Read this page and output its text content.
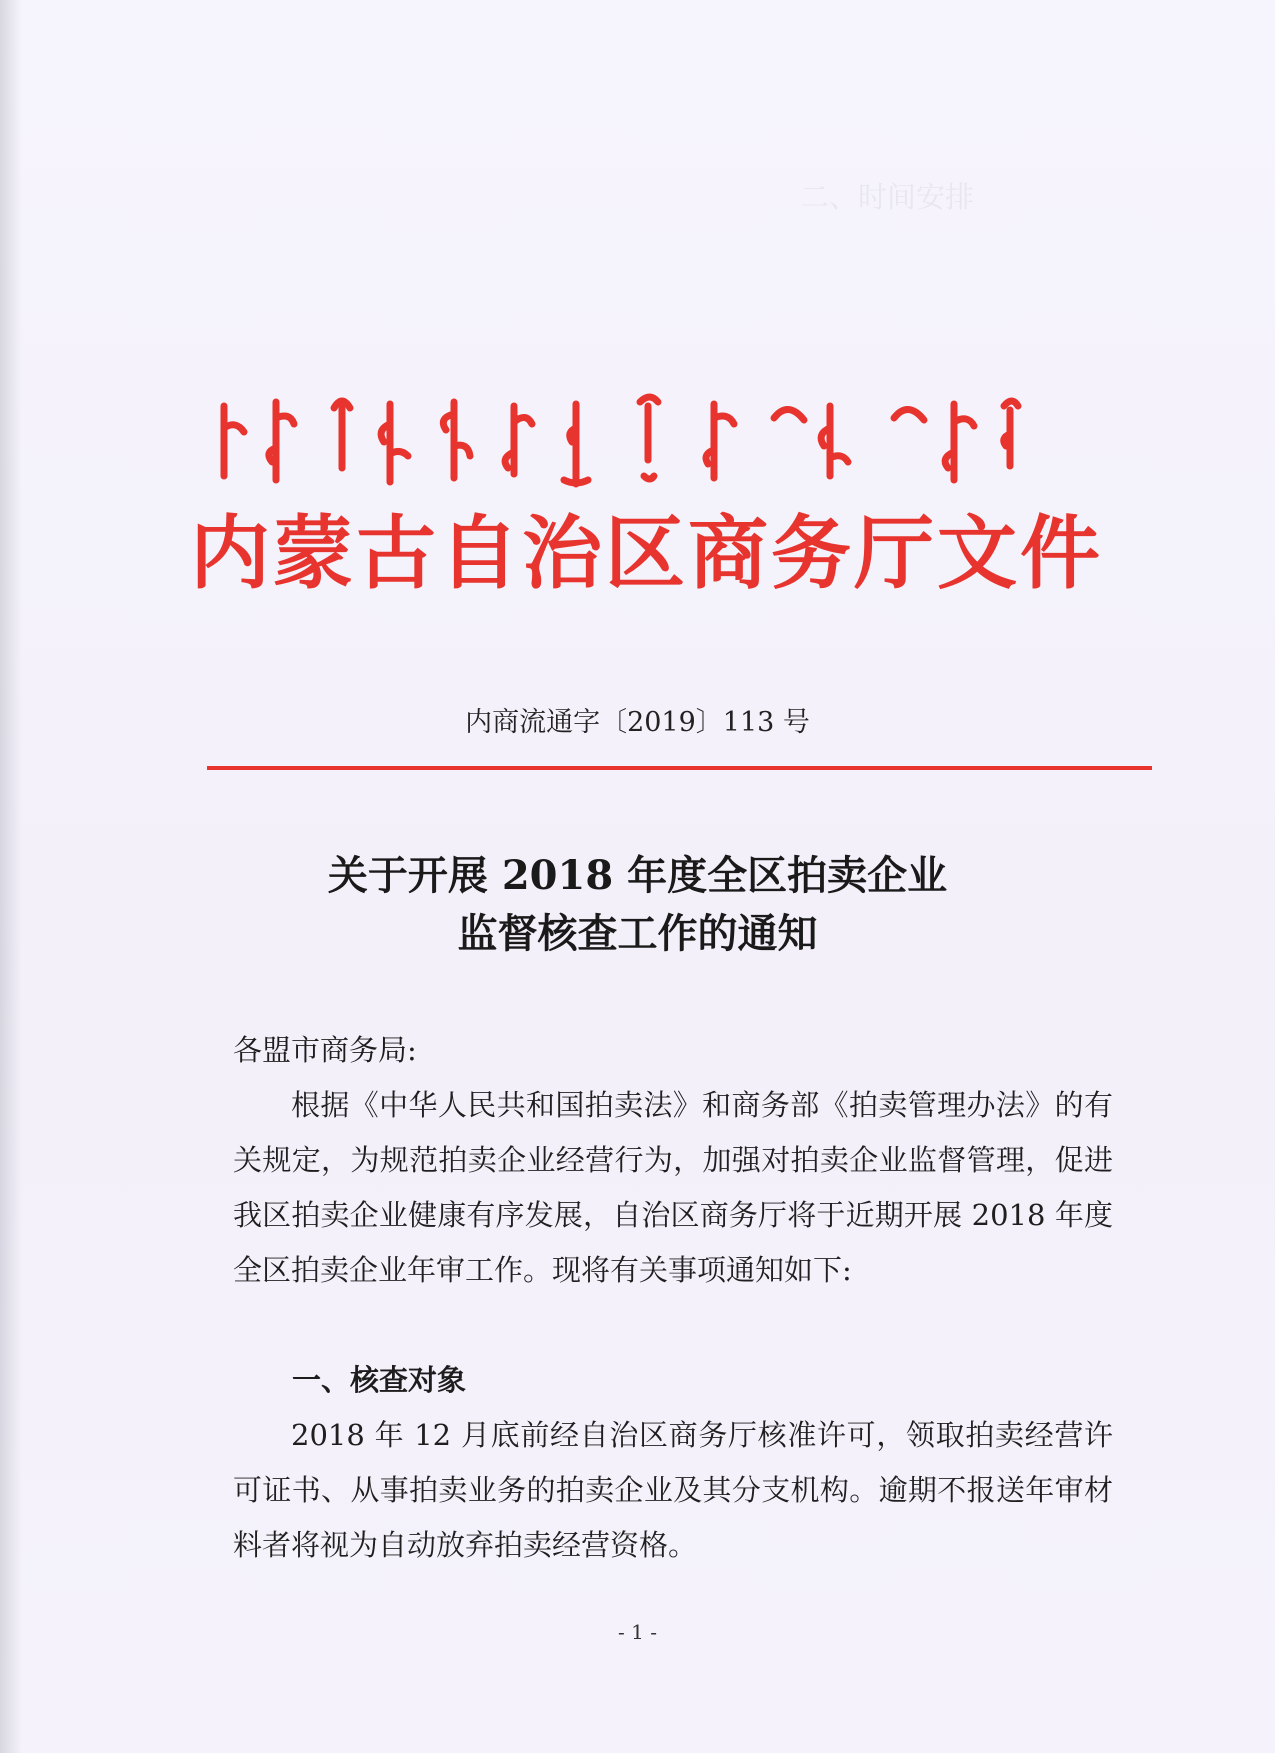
二、时间安排
内蒙古自治区商务厅文件
内商流通字〔2019〕113 号
关于开展 2018 年度全区拍卖企业
监督核查工作的通知
各盟市商务局:

根据《中华人民共和国拍卖法》和商务部《拍卖管理办法》的有关规定，为规范拍卖企业经营行为，加强对拍卖企业监督管理，促进我区拍卖企业健康有序发展，自治区商务厅将于近期开展 2018 年度全区拍卖企业年审工作。现将有关事项通知如下:

一、核查对象

2018 年 12 月底前经自治区商务厅核准许可，领取拍卖经营许可证书、从事拍卖业务的拍卖企业及其分支机构。逾期不报送年审材料者将视为自动放弃拍卖经营资格。

- 1 -
